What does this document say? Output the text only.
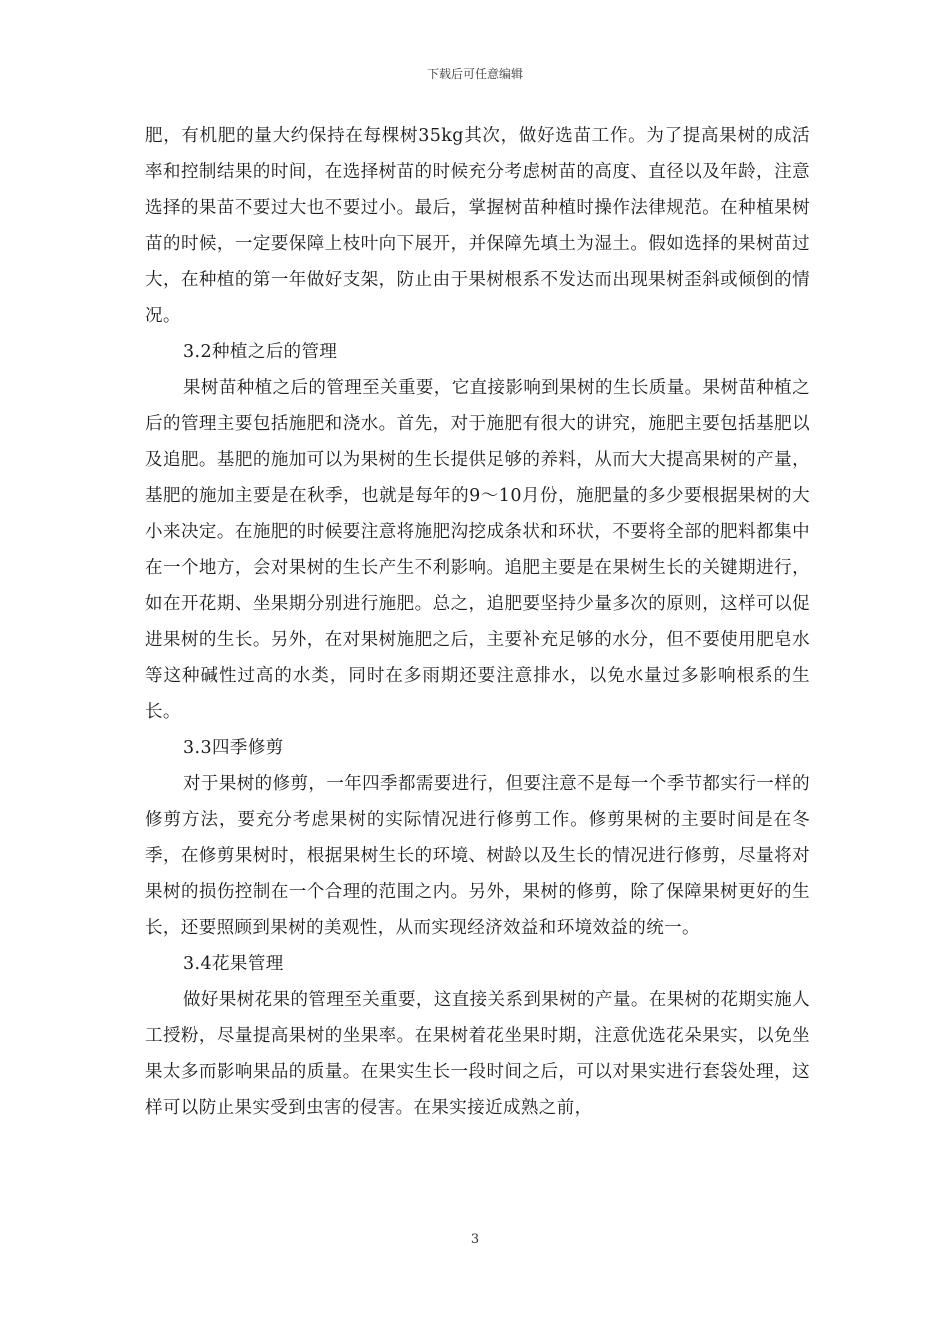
下载后可任意编辑

肥，有机肥的量大约保持在每棵树35kg其次，做好选苗工作。为了提高果树的成活率和控制结果的时间，在选择树苗的时候充分考虑树苗的高度、直径以及年龄，注意选择的果苗不要过大也不要过小。最后，掌握树苗种植时操作法律规范。在种植果树苗的时候，一定要保障上枝叶向下展开，并保障先填土为湿土。假如选择的果树苗过大，在种植的第一年做好支架，防止由于果树根系不发达而出现果树歪斜或倾倒的情况。

3.2种植之后的管理

果树苗种植之后的管理至关重要，它直接影响到果树的生长质量。果树苗种植之后的管理主要包括施肥和浇水。首先，对于施肥有很大的讲究，施肥主要包括基肥以及追肥。基肥的施加可以为果树的生长提供足够的养料，从而大大提高果树的产量，基肥的施加主要是在秋季，也就是每年的9～10月份，施肥量的多少要根据果树的大小来决定。在施肥的时候要注意将施肥沟挖成条状和环状，不要将全部的肥料都集中在一个地方，会对果树的生长产生不利影响。追肥主要是在果树生长的关键期进行，如在开花期、坐果期分别进行施肥。总之，追肥要坚持少量多次的原则，这样可以促进果树的生长。另外，在对果树施肥之后，主要补充足够的水分，但不要使用肥皂水等这种碱性过高的水类，同时在多雨期还要注意排水，以免水量过多影响根系的生长。

3.3四季修剪

对于果树的修剪，一年四季都需要进行，但要注意不是每一个季节都实行一样的修剪方法，要充分考虑果树的实际情况进行修剪工作。修剪果树的主要时间是在冬季，在修剪果树时，根据果树生长的环境、树龄以及生长的情况进行修剪，尽量将对果树的损伤控制在一个合理的范围之内。另外，果树的修剪，除了保障果树更好的生长，还要照顾到果树的美观性，从而实现经济效益和环境效益的统一。

3.4花果管理

做好果树花果的管理至关重要，这直接关系到果树的产量。在果树的花期实施人工授粉，尽量提高果树的坐果率。在果树着花坐果时期，注意优选花朵果实，以免坐果太多而影响果品的质量。在果实生长一段时间之后，可以对果实进行套袋处理，这样可以防止果实受到虫害的侵害。在果实接近成熟之前，

3
